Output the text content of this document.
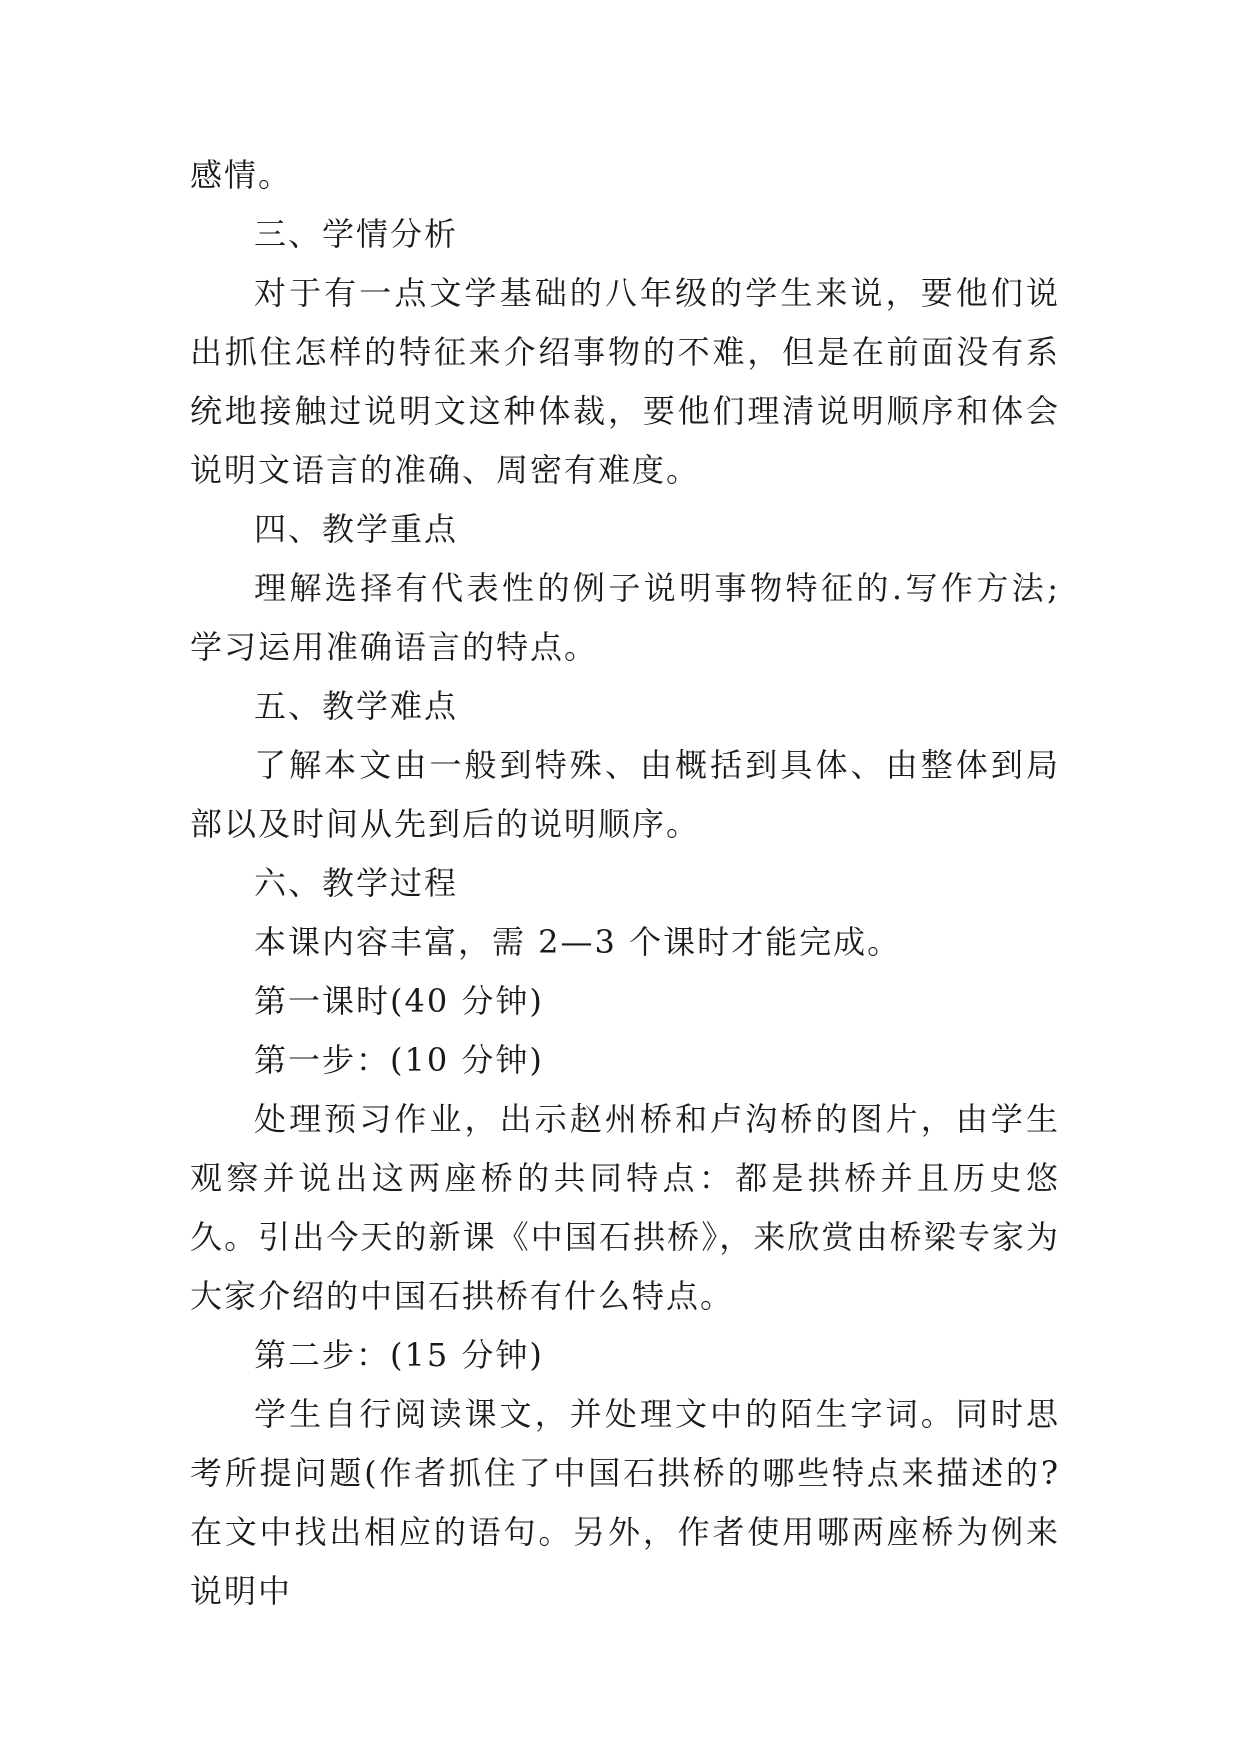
感情。

三、学情分析

对于有一点文学基础的八年级的学生来说，要他们说出抓住怎样的特征来介绍事物的不难，但是在前面没有系统地接触过说明文这种体裁，要他们理清说明顺序和体会说明文语言的准确、周密有难度。

四、教学重点

理解选择有代表性的例子说明事物特征的.写作方法;学习运用准确语言的特点。

五、教学难点

了解本文由一般到特殊、由概括到具体、由整体到局部以及时间从先到后的说明顺序。

六、教学过程

本课内容丰富，需 2—3 个课时才能完成。

第一课时(40 分钟)

第一步：(10 分钟)

处理预习作业，出示赵州桥和卢沟桥的图片，由学生观察并说出这两座桥的共同特点：都是拱桥并且历史悠久。引出今天的新课《中国石拱桥》，来欣赏由桥梁专家为大家介绍的中国石拱桥有什么特点。

第二步：(15 分钟)

学生自行阅读课文，并处理文中的陌生字词。同时思考所提问题(作者抓住了中国石拱桥的哪些特点来描述的?在文中找出相应的语句。另外，作者使用哪两座桥为例来说明中
